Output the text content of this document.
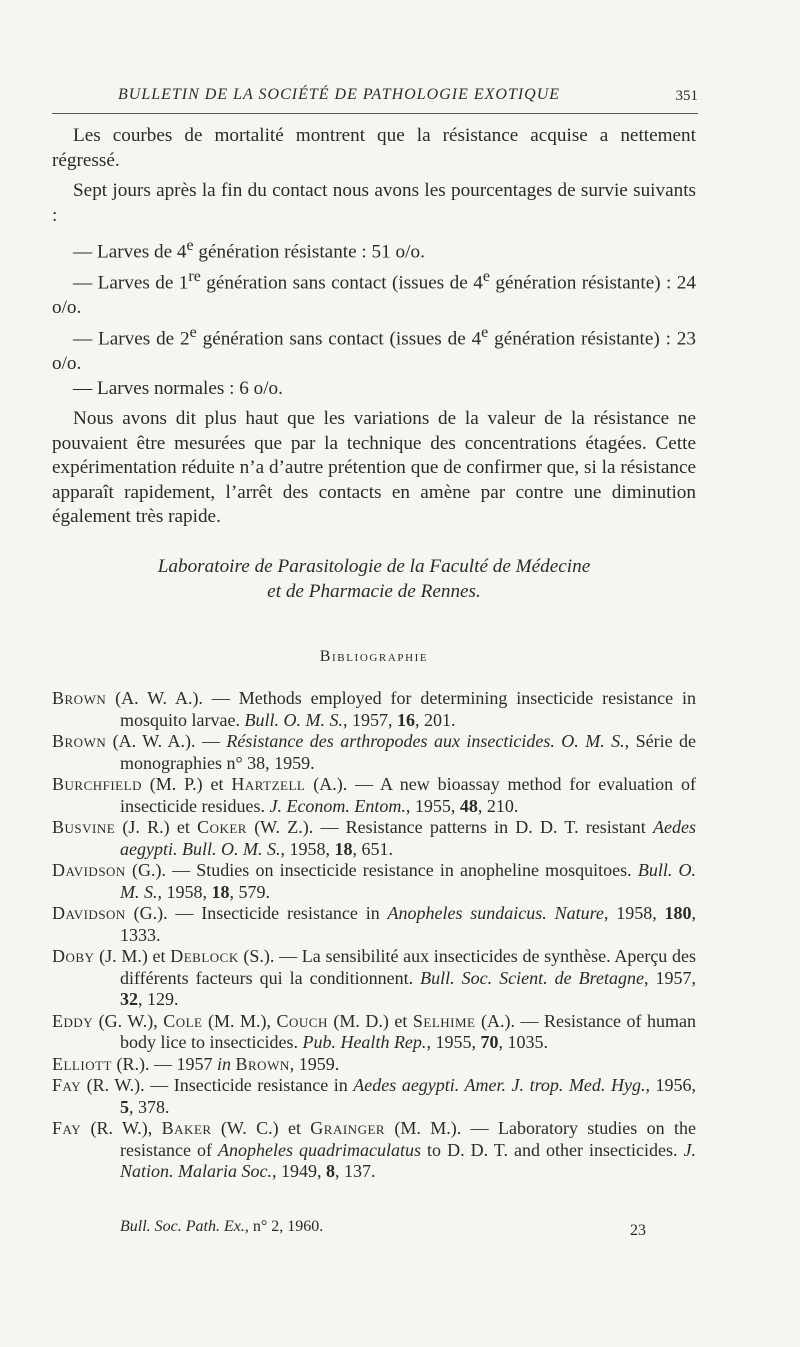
BULLETIN DE LA SOCIÉTÉ DE PATHOLOGIE EXOTIQUE	351

Les courbes de mortalité montrent que la résistance acquise a nettement régressé.

Sept jours après la fin du contact nous avons les pourcentages de survie suivants :

— Larves de 4e génération résistante : 51 o/o.

— Larves de 1re génération sans contact (issues de 4e génération résistante) : 24 o/o.

— Larves de 2e génération sans contact (issues de 4e génération résistante) : 23 o/o.

— Larves normales : 6 o/o.

Nous avons dit plus haut que les variations de la valeur de la résistance ne pouvaient être mesurées que par la technique des concentrations étagées. Cette expérimentation réduite n’a d’autre prétention que de confirmer que, si la résistance apparaît rapidement, l’arrêt des contacts en amène par contre une diminution également très rapide.

Laboratoire de Parasitologie de la Faculté de Médecine
et de Pharmacie de Rennes.
Bibliographie
Brown (A. W. A.). — Methods employed for determining insecticide resistance in mosquito larvae. Bull. O. M. S., 1957, 16, 201.
Brown (A. W. A.). — Résistance des arthropodes aux insecticides. O. M. S., Série de monographies n° 38, 1959.
Burchfield (M. P.) et Hartzell (A.). — A new bioassay method for evaluation of insecticide residues. J. Econom. Entom., 1955, 48, 210.
Busvine (J. R.) et Coker (W. Z.). — Resistance patterns in D. D. T. resistant Aedes aegypti. Bull. O. M. S., 1958, 18, 651.
Davidson (G.). — Studies on insecticide resistance in anopheline mosquitoes. Bull. O. M. S., 1958, 18, 579.
Davidson (G.). — Insecticide resistance in Anopheles sundaicus. Nature, 1958, 180, 1333.
Doby (J. M.) et Deblock (S.). — La sensibilité aux insecticides de synthèse. Aperçu des différents facteurs qui la conditionnent. Bull. Soc. Scient. de Bretagne, 1957, 32, 129.
Eddy (G. W.), Cole (M. M.), Couch (M. D.) et Selhime (A.). — Resistance of human body lice to insecticides. Pub. Health Rep., 1955, 70, 1035.
Elliott (R.). — 1957 in Brown, 1959.
Fay (R. W.). — Insecticide resistance in Aedes aegypti. Amer. J. trop. Med. Hyg., 1956, 5, 378.
Fay (R. W.), Baker (W. C.) et Grainger (M. M.). — Laboratory studies on the resistance of Anopheles quadrimaculatus to D. D. T. and other insecticides. J. Nation. Malaria Soc., 1949, 8, 137.
Bull. Soc. Path. Ex., n° 2, 1960.	23
